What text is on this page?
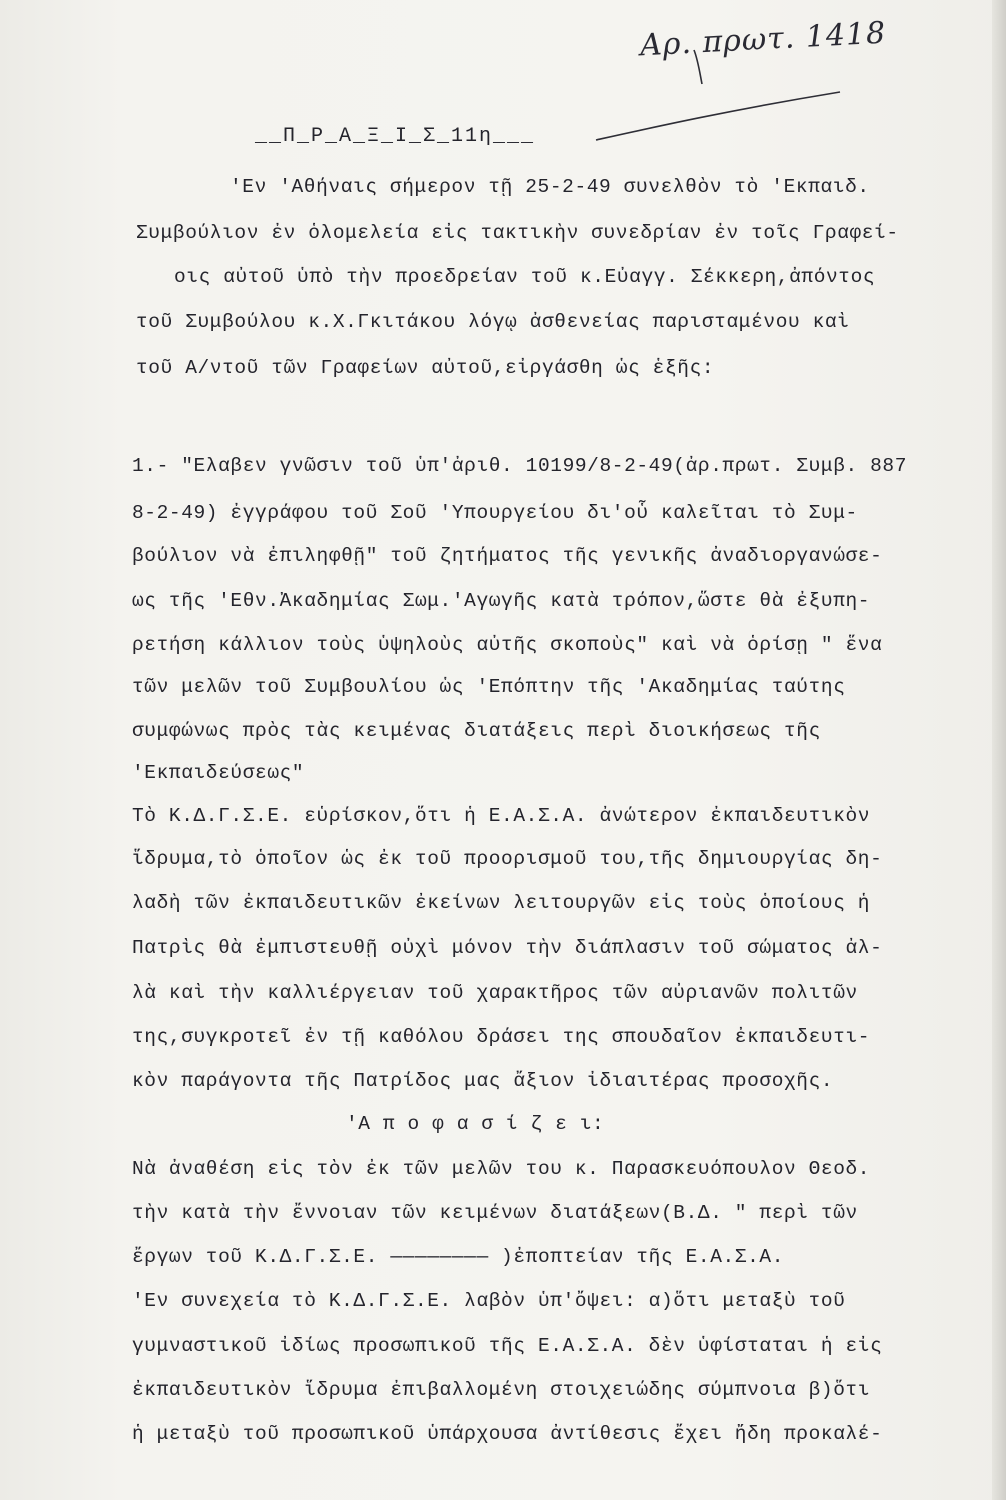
Αρ. πρωτ. 1418
__Π_Ρ_Α_Ξ_Ι_Σ_11η___
'Εν 'Αθήναις σήμερον τῇ 25-2-49 συνελθὸν τὸ 'Εκπαιδ.
Συμβούλιον ἐν ὁλομελεία εἰς τακτικὴν συνεδρίαν ἐν τοῖς Γραφεί-
οις αὐτοῦ ὑπὸ τὴν προεδρείαν τοῦ κ.Εὐαγγ. Σέκκερη,ἀπόντος
τοῦ Συμβούλου κ.Χ.Γκιτάκου λόγῳ ἀσθενείας παρισταμένου καὶ
τοῦ Α/ντοῦ τῶν Γραφείων αὐτοῦ,εἰργάσθη ὡς ἑξῆς:
1.- "Ελαβεν γνῶσιν τοῦ ὑπ'ἀριθ. 10199/8-2-49(ἀρ.πρωτ. Συμβ. 887
8-2-49) ἐγγράφου τοῦ Σοῦ 'Υπουργείου δι'οὗ καλεῖται τὸ Συμ-
βούλιον νὰ ἐπιληφθῇ" τοῦ ζητήματος τῆς γενικῆς ἀναδιοργανώσε-
ως τῆς 'Εθν.Ἀκαδημίας Σωμ.'Αγωγῆς κατὰ τρόπον,ὥστε θὰ ἐξυπη-
ρετήση κάλλιον τοὺς ὑψηλοὺς αὐτῆς σκοποὺς" καὶ νὰ ὁρίσῃ " ἕνα
τῶν μελῶν τοῦ Συμβουλίου ὡς 'Επόπτην τῆς 'Ακαδημίας ταύτης
συμφώνως πρὸς τὰς κειμένας διατάξεις περὶ διοικήσεως τῆς
'Εκπαιδεύσεως"
Τὸ Κ.Δ.Γ.Σ.Ε. εὑρίσκον,ὅτι ἡ Ε.Α.Σ.Α. ἀνώτερον ἐκπαιδευτικὸν
ἵδρυμα,τὸ ὁποῖον ὡς ἐκ τοῦ προορισμοῦ του,τῆς δημιουργίας δη-
λαδὴ τῶν ἐκπαιδευτικῶν ἐκείνων λειτουργῶν εἰς τοὺς ὁποίους ἡ
Πατρὶς θὰ ἐμπιστευθῇ οὐχὶ μόνον τὴν διάπλασιν τοῦ σώματος ἀλ-
λὰ καὶ τὴν καλλιέργειαν τοῦ χαρακτῆρος τῶν αὐριανῶν πολιτῶν
της,συγκροτεῖ ἐν τῇ καθόλου δράσει της σπουδαῖον ἐκπαιδευτι-
κὸν παράγοντα τῆς Πατρίδος μας ἄξιον ἰδιαιτέρας προσοχῆς.
'Α π ο φ α σ ί ζ ε ι:
Νὰ ἀναθέση εἰς τὸν ἐκ τῶν μελῶν του κ. Παρασκευόπουλον Θεοδ.
τὴν κατὰ τὴν ἔννοιαν τῶν κειμένων διατάξεων(Β.Δ. " περὶ τῶν
ἔργων τοῦ Κ.Δ.Γ.Σ.Ε. ———————— )ἐποπτείαν τῆς Ε.Α.Σ.Α.
'Εν συνεχεία τὸ Κ.Δ.Γ.Σ.Ε. λαβὸν ὑπ'ὄψει: α)ὅτι μεταξὺ τοῦ
γυμναστικοῦ ἰδίως προσωπικοῦ τῆς Ε.Α.Σ.Α. δὲν ὑφίσταται ἡ εἰς
ἐκπαιδευτικὸν ἵδρυμα ἐπιβαλλομένη στοιχειώδης σύμπνοια β)ὅτι
ἡ μεταξὺ τοῦ προσωπικοῦ ὑπάρχουσα ἀντίθεσις ἔχει ἤδη προκαλέ-
